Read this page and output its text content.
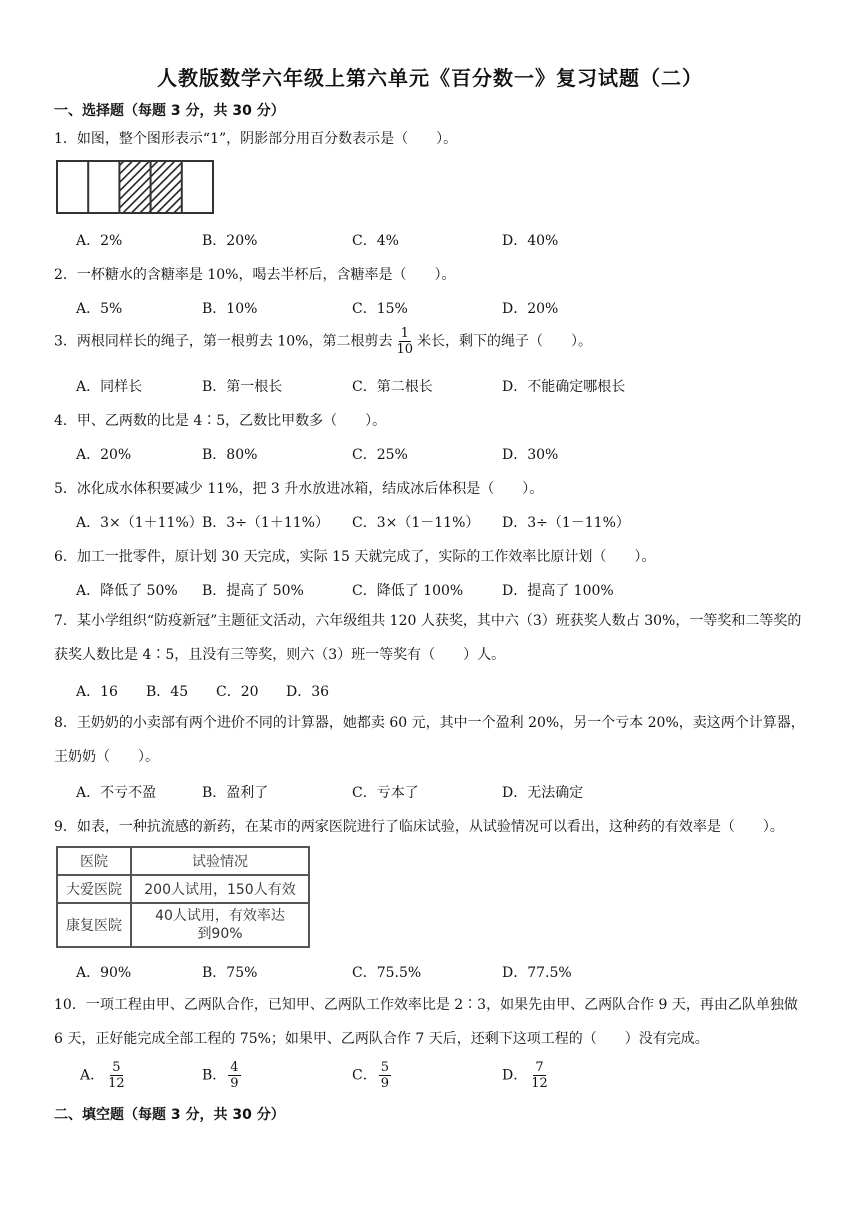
人教版数学六年级上第六单元《百分数一》复习试题（二）
一、选择题（每题 3 分，共 30 分）
1．如图，整个图形表示“1”，阴影部分用百分数表示是（　　）。
A．2%	B．20%	C．4%	D．40%
2．一杯糖水的含糖率是 10%，喝去半杯后，含糖率是（　　）。
A．5%	B．10%	C．15%	D．20%
3．两根同样长的绳子，第一根剪去 10%，第二根剪去 $\frac{1}{10}$ 米长，剩下的绳子（　　）。
A．同样长	B．第一根长	C．第二根长	D．不能确定哪根长
4．甲、乙两数的比是 4∶5，乙数比甲数多（　　）。
A．20%	B．80%	C．25%	D．30%
5．冰化成水体积要减少 11%，把 3 升水放进冰箱，结成冰后体积是（　　）。
A．3×（1＋11%） B．3÷（1＋11%） C．3×（1－11%） D．3÷（1－11%）
6．加工一批零件，原计划 30 天完成，实际 15 天就完成了，实际的工作效率比原计划（　　）。
A．降低了 50% B．提高了 50%	C．降低了 100%	D．提高了 100%
7．某小学组织“防疫新冠”主题征文活动，六年级组共 120 人获奖，其中六（3）班获奖人数占 30%，一等奖和二等奖的获奖人数比是 4∶5，且没有三等奖，则六（3）班一等奖有（　　）人。
A．16 B．45 C．20 D．36
8．王奶奶的小卖部有两个进价不同的计算器，她都卖 60 元，其中一个盈利 20%，另一个亏本 20%，卖这两个计算器，王奶奶（　　）。
A．不亏不盈	B．盈利了	C．亏本了	D．无法确定
9．如表，一种抗流感的新药，在某市的两家医院进行了临床试验，从试验情况可以看出，这种药的有效率是（　　）。
医院	试验情况
大爱医院	200人试用，150人有效
康复医院	40人试用，有效率达
到90%
A．90%	B．75%	C．75.5%	D．77.5%
10．一项工程由甲、乙两队合作，已知甲、乙两队工作效率比是 2∶3，如果先由甲、乙两队合作 9 天，再由乙队单独做 6 天，正好能完成全部工程的 75%；如果甲、乙两队合作 7 天后，还剩下这项工程的（　　）没有完成。
A． $\frac{5}{12}$	B． $\frac{4}{9}$	C． $\frac{5}{9}$	D． $\frac{7}{12}$
二、填空题（每题 3 分，共 30 分）
